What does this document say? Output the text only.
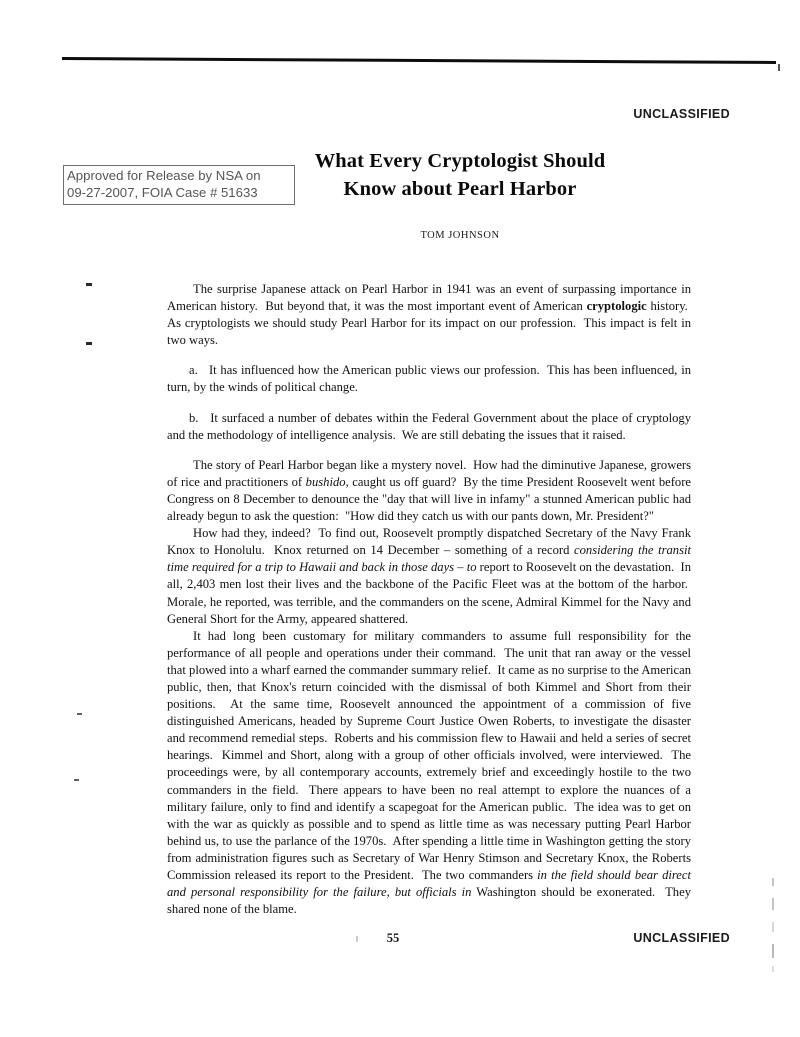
UNCLASSIFIED
What Every Cryptologist Should
Know about Pearl Harbor
Approved for Release by NSA on
09-27-2007, FOIA Case # 51633
TOM JOHNSON

The surprise Japanese attack on Pearl Harbor in 1941 was an event of surpassing importance in American history.  But beyond that, it was the most important event of American cryptologic history.  As cryptologists we should study Pearl Harbor for its impact on our profession.  This impact is felt in two ways.

a.   It has influenced how the American public views our profession.  This has been influenced, in turn, by the winds of political change.

b.   It surfaced a number of debates within the Federal Government about the place of cryptology and the methodology of intelligence analysis.  We are still debating the issues that it raised.

The story of Pearl Harbor began like a mystery novel.  How had the diminutive Japanese, growers of rice and practitioners of bushido, caught us off guard?  By the time President Roosevelt went before Congress on 8 December to denounce the "day that will live in infamy" a stunned American public had already begun to ask the question:  "How did they catch us with our pants down, Mr. President?"

How had they, indeed?  To find out, Roosevelt promptly dispatched Secretary of the Navy Frank Knox to Honolulu.  Knox returned on 14 December – something of a record considering the transit time required for a trip to Hawaii and back in those days – to report to Roosevelt on the devastation.  In all, 2,403 men lost their lives and the backbone of the Pacific Fleet was at the bottom of the harbor.  Morale, he reported, was terrible, and the commanders on the scene, Admiral Kimmel for the Navy and General Short for the Army, appeared shattered.

It had long been customary for military commanders to assume full responsibility for the performance of all people and operations under their command.  The unit that ran away or the vessel that plowed into a wharf earned the commander summary relief.  It came as no surprise to the American public, then, that Knox's return coincided with the dismissal of both Kimmel and Short from their positions.  At the same time, Roosevelt announced the appointment of a commission of five distinguished Americans, headed by Supreme Court Justice Owen Roberts, to investigate the disaster and recommend remedial steps.  Roberts and his commission flew to Hawaii and held a series of secret hearings.  Kimmel and Short, along with a group of other officials involved, were interviewed.  The proceedings were, by all contemporary accounts, extremely brief and exceedingly hostile to the two commanders in the field.  There appears to have been no real attempt to explore the nuances of a military failure, only to find and identify a scapegoat for the American public.  The idea was to get on with the war as quickly as possible and to spend as little time as was necessary putting Pearl Harbor behind us, to use the parlance of the 1970s.  After spending a little time in Washington getting the story from administration figures such as Secretary of War Henry Stimson and Secretary Knox, the Roberts Commission released its report to the President.  The two commanders in the field should bear direct and personal responsibility for the failure, but officials in Washington should be exonerated.  They shared none of the blame.

55	UNCLASSIFIED
